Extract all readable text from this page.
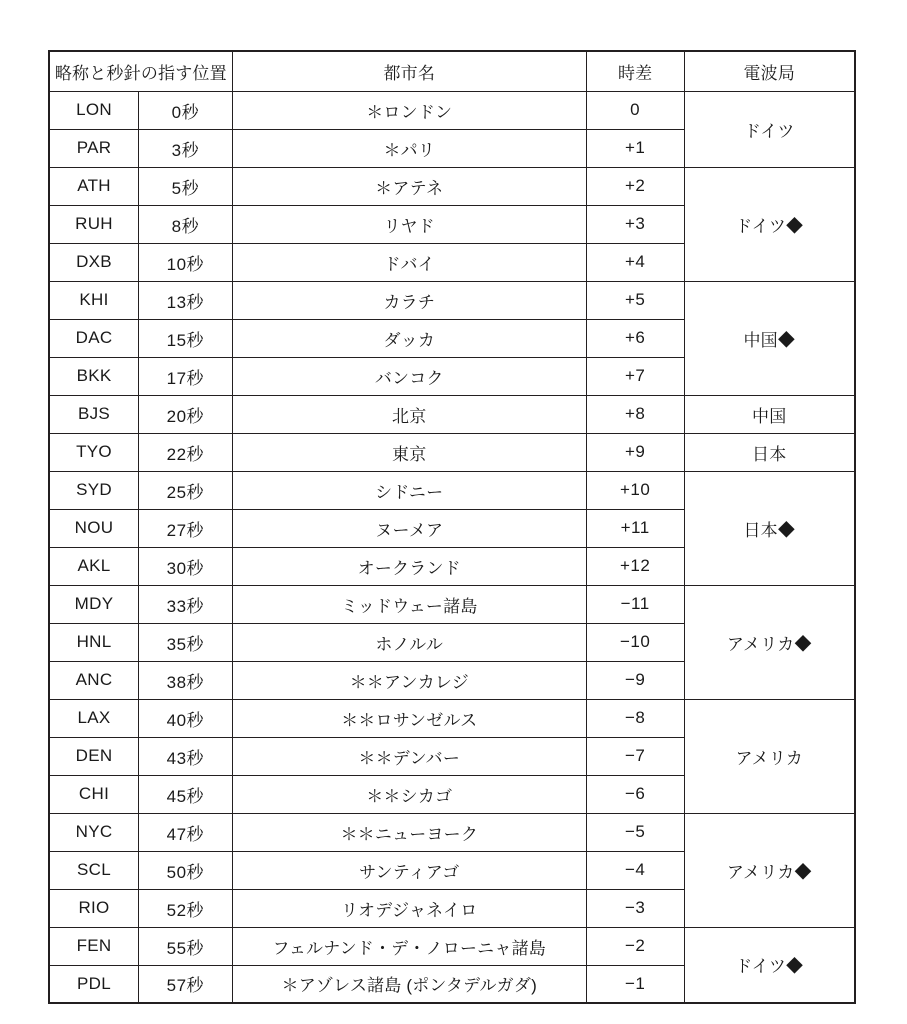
略称と秒針の指す位置		都市名	時差	電波局
LON	0秒	＊ロンドン	0	ドイツ
PAR	3秒	＊パリ	+1	
ATH	5秒	＊アテネ	+2	ドイツ◆
RUH	8秒	リヤド	+3	
DXB	10秒	ドバイ	+4	
KHI	13秒	カラチ	+5	中国◆
DAC	15秒	ダッカ	+6	
BKK	17秒	バンコク	+7	
BJS	20秒	北京	+8	中国
TYO	22秒	東京	+9	日本
SYD	25秒	シドニー	+10	日本◆
NOU	27秒	ヌーメア	+11	
AKL	30秒	オークランド	+12	
MDY	33秒	ミッドウェー諸島	−11	アメリカ◆
HNL	35秒	ホノルル	−10	
ANC	38秒	＊＊アンカレジ	−9	
LAX	40秒	＊＊ロサンゼルス	−8	アメリカ
DEN	43秒	＊＊デンバー	−7	
CHI	45秒	＊＊シカゴ	−6	
NYC	47秒	＊＊ニューヨーク	−5	アメリカ◆
SCL	50秒	サンティアゴ	−4	
RIO	52秒	リオデジャネイロ	−3	
FEN	55秒	フェルナンド・デ・ノローニャ諸島	−2	ドイツ◆
PDL	57秒	＊アゾレス諸島 (ポンタデルガダ)	−1	
